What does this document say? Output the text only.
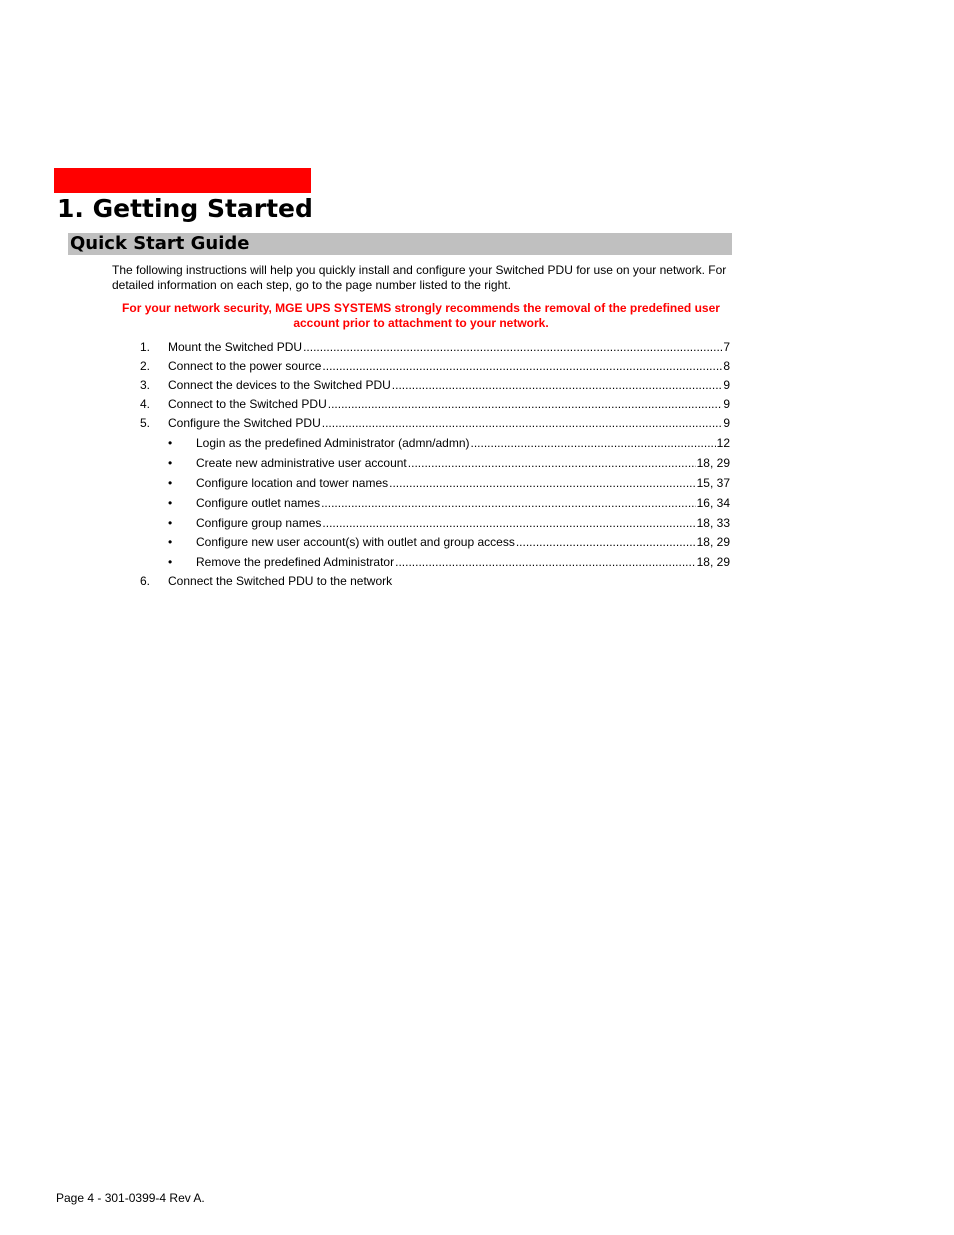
1. Getting Started
Quick Start Guide

The following instructions will help you quickly install and configure your Switched PDU for use on your network. For detailed information on each step, go to the page number listed to the right.

For your network security, MGE UPS SYSTEMS strongly recommends the removal of the predefined user account prior to attachment to your network.

1. Mount the Switched PDU .....	7
2. Connect to the power source .....	8
3. Connect the devices to the Switched PDU .....	9
4. Connect to the Switched PDU .....	9
5. Configure the Switched PDU .....	9
• Login as the predefined Administrator (admn/admn) .....	12
• Create new administrative user account .....	18, 29
• Configure location and tower names .....	15, 37
• Configure outlet names .....	16, 34
• Configure group names .....	18, 33
• Configure new user account(s) with outlet and group access .....	18, 29
• Remove the predefined Administrator .....	18, 29
6. Connect the Switched PDU to the network

Page 4 - 301-0399-4 Rev A.
